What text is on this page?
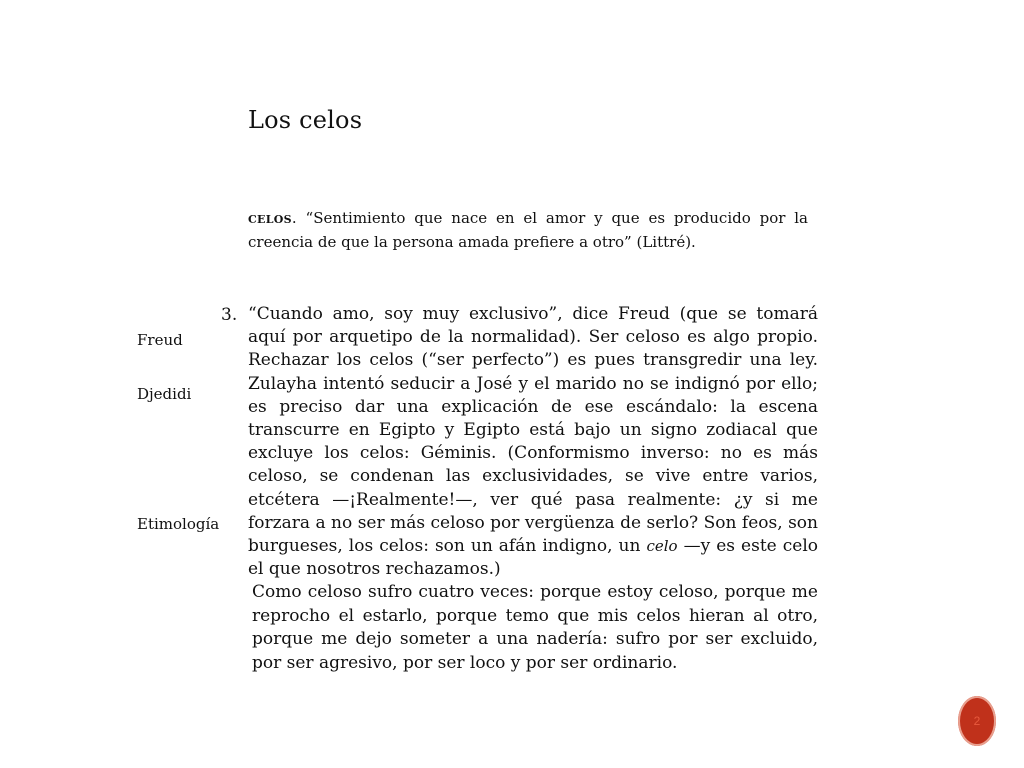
Los celos
celos. “Sentimiento que nace en el amor y que es producido por la creencia de que la persona amada prefiere a otro” (Littré).
Freud
Djedidi
Etimología
3. “Cuando amo, soy muy exclusivo”, dice Freud (que se tomará aquí por arquetipo de la normalidad). Ser celoso es algo propio. Rechazar los celos (“ser perfecto”) es pues transgredir una ley. Zulayha intentó seducir a José y el marido no se indignó por ello; es preciso dar una explicación de ese escándalo: la escena transcurre en Egipto y Egipto está bajo un signo zodiacal que excluye los celos: Géminis. (Conformismo inverso: no es más celoso, se condenan las exclusividades, se vive entre varios, etcétera —¡Realmente!—, ver qué pasa realmente: ¿y si me forzara a no ser más celoso por vergüenza de serlo? Son feos, son burgueses, los celos: son un afán indigno, un celo —y es este celo el que nosotros rechazamos.)
Como celoso sufro cuatro veces: porque estoy celoso, porque me reprocho el estarlo, porque temo que mis celos hieran al otro, porque me dejo someter a una nadería: sufro por ser excluido, por ser agresivo, por ser loco y por ser ordinario.
2
